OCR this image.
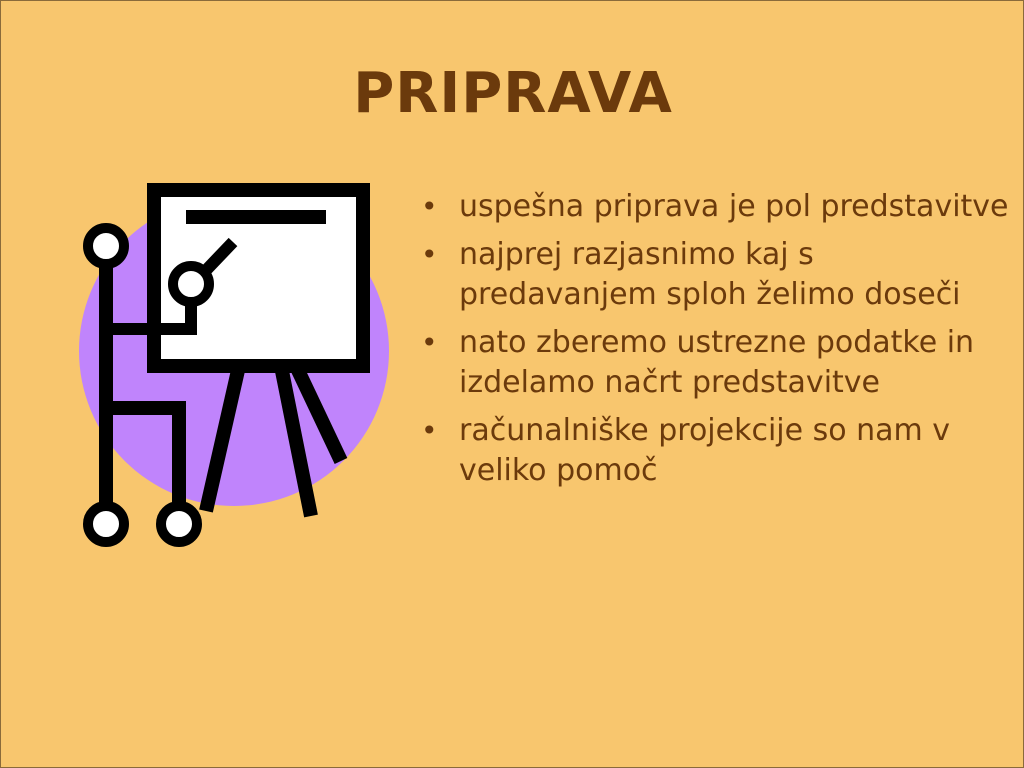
PRIPRAVA
• uspešna priprava je pol predstavitve
• najprej razjasnimo kaj s predavanjem sploh želimo doseči
• nato zberemo ustrezne podatke in izdelamo načrt predstavitve
• računalniške projekcije so nam v veliko pomoč
